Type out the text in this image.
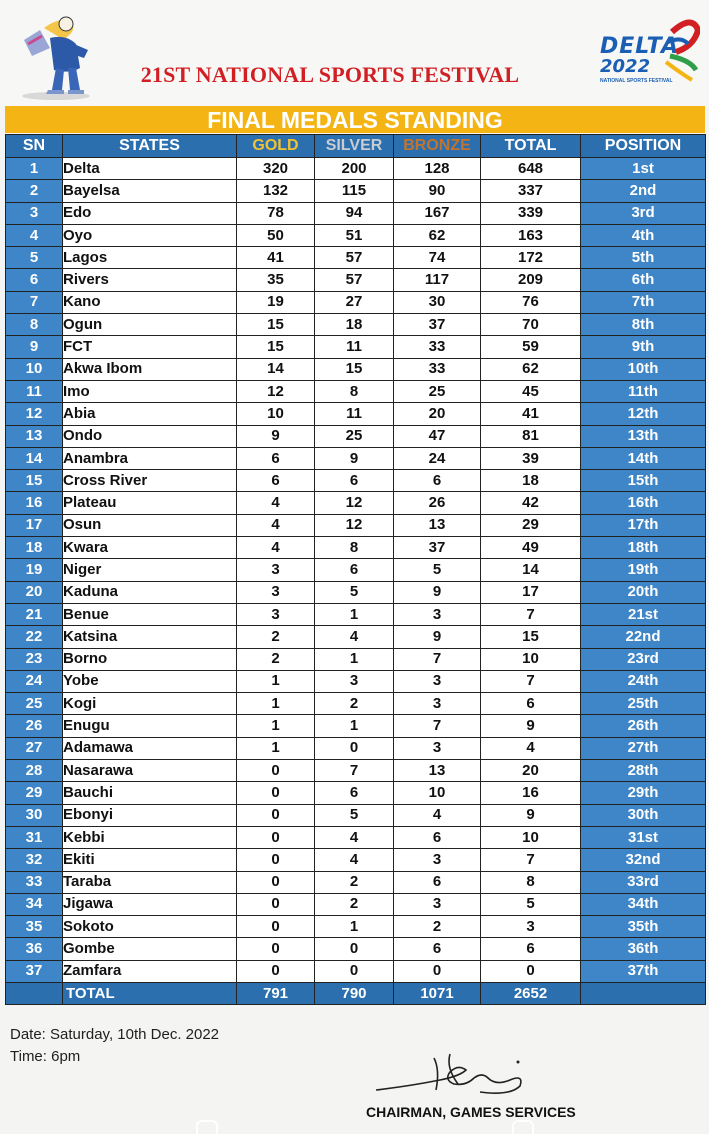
21ST NATIONAL SPORTS FESTIVAL
DELTA
2022
NATIONAL SPORTS FESTIVAL
FINAL MEDALS STANDING
SN	STATES	GOLD	SILVER	BRONZE	TOTAL	POSITION
1	Delta	320	200	128	648	1st
2	Bayelsa	132	115	90	337	2nd
3	Edo	78	94	167	339	3rd
4	Oyo	50	51	62	163	4th
5	Lagos	41	57	74	172	5th
6	Rivers	35	57	117	209	6th
7	Kano	19	27	30	76	7th
8	Ogun	15	18	37	70	8th
9	FCT	15	11	33	59	9th
10	Akwa Ibom	14	15	33	62	10th
11	Imo	12	8	25	45	11th
12	Abia	10	11	20	41	12th
13	Ondo	9	25	47	81	13th
14	Anambra	6	9	24	39	14th
15	Cross River	6	6	6	18	15th
16	Plateau	4	12	26	42	16th
17	Osun	4	12	13	29	17th
18	Kwara	4	8	37	49	18th
19	Niger	3	6	5	14	19th
20	Kaduna	3	5	9	17	20th
21	Benue	3	1	3	7	21st
22	Katsina	2	4	9	15	22nd
23	Borno	2	1	7	10	23rd
24	Yobe	1	3	3	7	24th
25	Kogi	1	2	3	6	25th
26	Enugu	1	1	7	9	26th
27	Adamawa	1	0	3	4	27th
28	Nasarawa	0	7	13	20	28th
29	Bauchi	0	6	10	16	29th
30	Ebonyi	0	5	4	9	30th
31	Kebbi	0	4	6	10	31st
32	Ekiti	0	4	3	7	32nd
33	Taraba	0	2	6	8	33rd
34	Jigawa	0	2	3	5	34th
35	Sokoto	0	1	2	3	35th
36	Gombe	0	0	6	6	36th
37	Zamfara	0	0	0	0	37th
	TOTAL	791	790	1071	2652	
Date: Saturday, 10th Dec. 2022
Time: 6pm
CHAIRMAN, GAMES SERVICES
